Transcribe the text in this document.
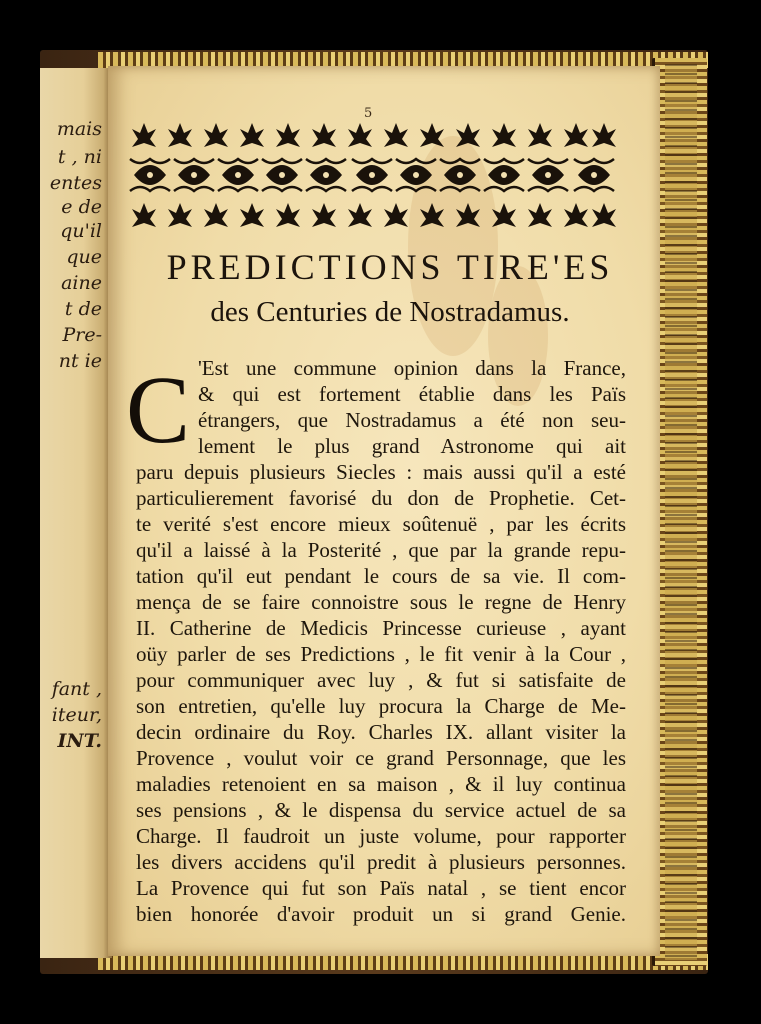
mais
t , ni
entes
e de
qu'il
que
aine
t de
Pre-
nt ie
fant ,
iteur,
INT.
5
PREDICTIONS TIRE'ES
des Centuries de Nostradamus.
C 'Est une commune opinion dans la France,
& qui est fortement établie dans les Païs
étrangers, que Nostradamus a été non seu-
lement le plus grand Astronome qui ait
paru depuis plusieurs Siecles : mais aussi qu'il a esté
particulierement favorisé du don de Prophetie. Cet-
te verité s'est encore mieux soûtenuë , par les écrits
qu'il a laissé à la Posterité , que par la grande repu-
tation qu'il eut pendant le cours de sa vie. Il com-
mença de se faire connoistre sous le regne de Henry
II. Catherine de Medicis Princesse curieuse , ayant
oüy parler de ses Predictions , le fit venir à la Cour ,
pour communiquer avec luy , & fut si satisfaite de
son entretien, qu'elle luy procura la Charge de Me-
decin ordinaire du Roy. Charles IX. allant visiter la
Provence , voulut voir ce grand Personnage, que les
maladies retenoient en sa maison , & il luy continua
ses pensions , & le dispensa du service actuel de sa
Charge. Il faudroit un juste volume, pour rapporter
les divers accidens qu'il predit à plusieurs personnes.
La Provence qui fut son Païs natal , se tient encor
bien honorée d'avoir produit un si grand Genie.
